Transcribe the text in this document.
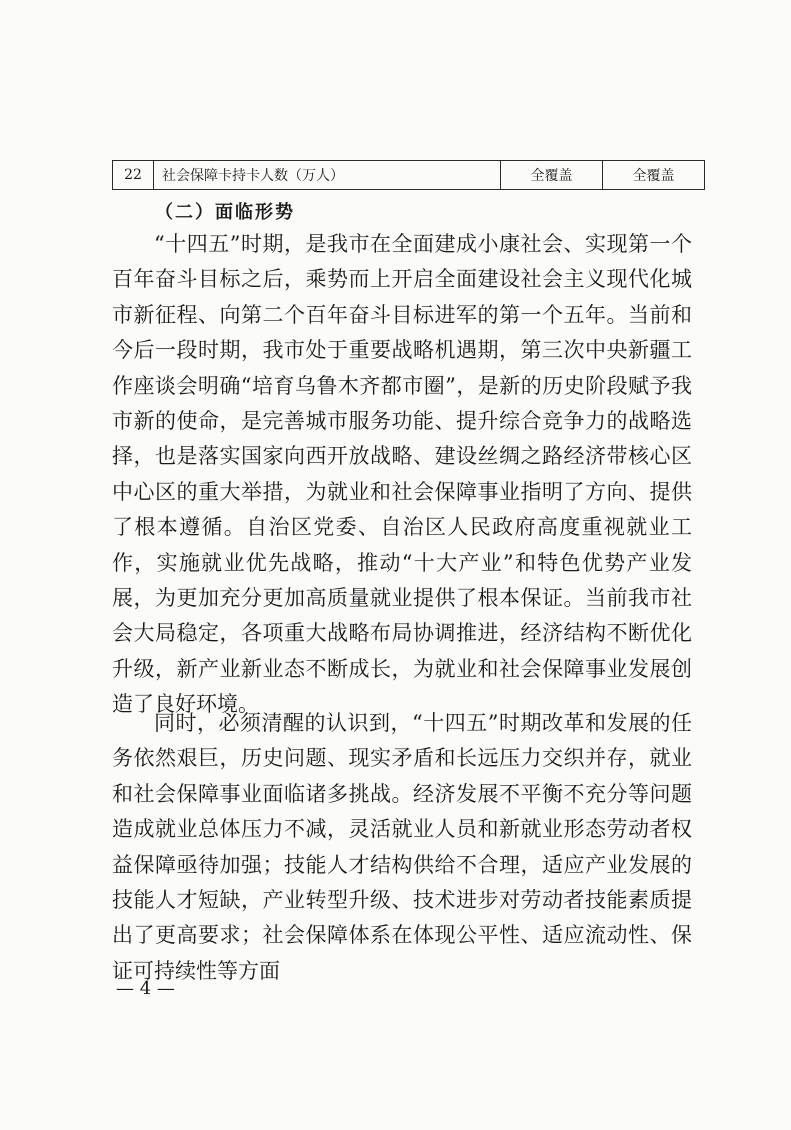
22	社会保障卡持卡人数（万人）	全覆盖	全覆盖
（二）面临形势

“十四五”时期，是我市在全面建成小康社会、实现第一个百年奋斗目标之后，乘势而上开启全面建设社会主义现代化城市新征程、向第二个百年奋斗目标进军的第一个五年。当前和今后一段时期，我市处于重要战略机遇期，第三次中央新疆工作座谈会明确“培育乌鲁木齐都市圈”，是新的历史阶段赋予我市新的使命，是完善城市服务功能、提升综合竞争力的战略选择，也是落实国家向西开放战略、建设丝绸之路经济带核心区中心区的重大举措，为就业和社会保障事业指明了方向、提供了根本遵循。自治区党委、自治区人民政府高度重视就业工作，实施就业优先战略，推动“十大产业”和特色优势产业发展，为更加充分更加高质量就业提供了根本保证。当前我市社会大局稳定，各项重大战略布局协调推进，经济结构不断优化升级，新产业新业态不断成长，为就业和社会保障事业发展创造了良好环境。

同时，必须清醒的认识到，“十四五”时期改革和发展的任务依然艰巨，历史问题、现实矛盾和长远压力交织并存，就业和社会保障事业面临诸多挑战。经济发展不平衡不充分等问题造成就业总体压力不减，灵活就业人员和新就业形态劳动者权益保障亟待加强；技能人才结构供给不合理，适应产业发展的技能人才短缺，产业转型升级、技术进步对劳动者技能素质提出了更高要求；社会保障体系在体现公平性、适应流动性、保证可持续性等方面

— 4 —
